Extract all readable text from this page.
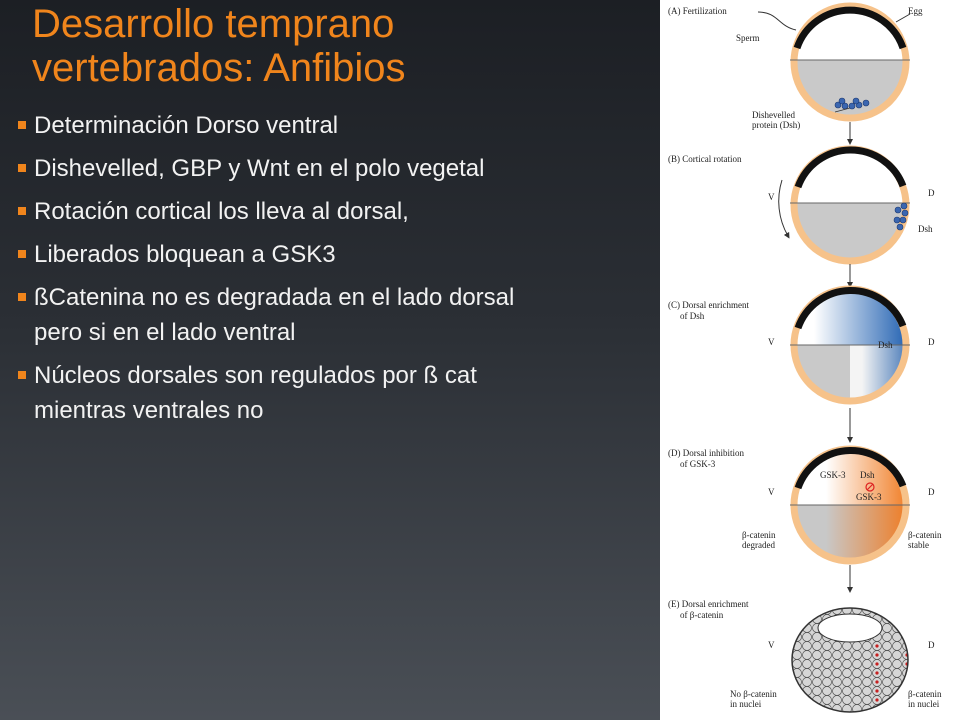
Desarrollo temprano
vertebrados: Anfibios
Determinación Dorso ventral
Dishevelled, GBP y Wnt en el polo vegetal
Rotación cortical los lleva al dorsal,
Liberados bloquean a GSK3
ßCatenina no es degradada en el lado dorsal pero si en el lado ventral
Núcleos dorsales son regulados por ß cat mientras ventrales no
(A) Fertilization	Egg
Sperm
Dishevelled
protein (Dsh)
(B) Cortical rotation
V	D
Dsh
(C) Dorsal enrichment
of Dsh
V	D
Dsh
(D) Dorsal inhibition
of GSK-3
GSK-3 Dsh
GSK-3
V	D
β-catenin
degraded
β-catenin
stable
(E) Dorsal enrichment
of β-catenin
V	D
No β-catenin
in nuclei
β-catenin
in nuclei
